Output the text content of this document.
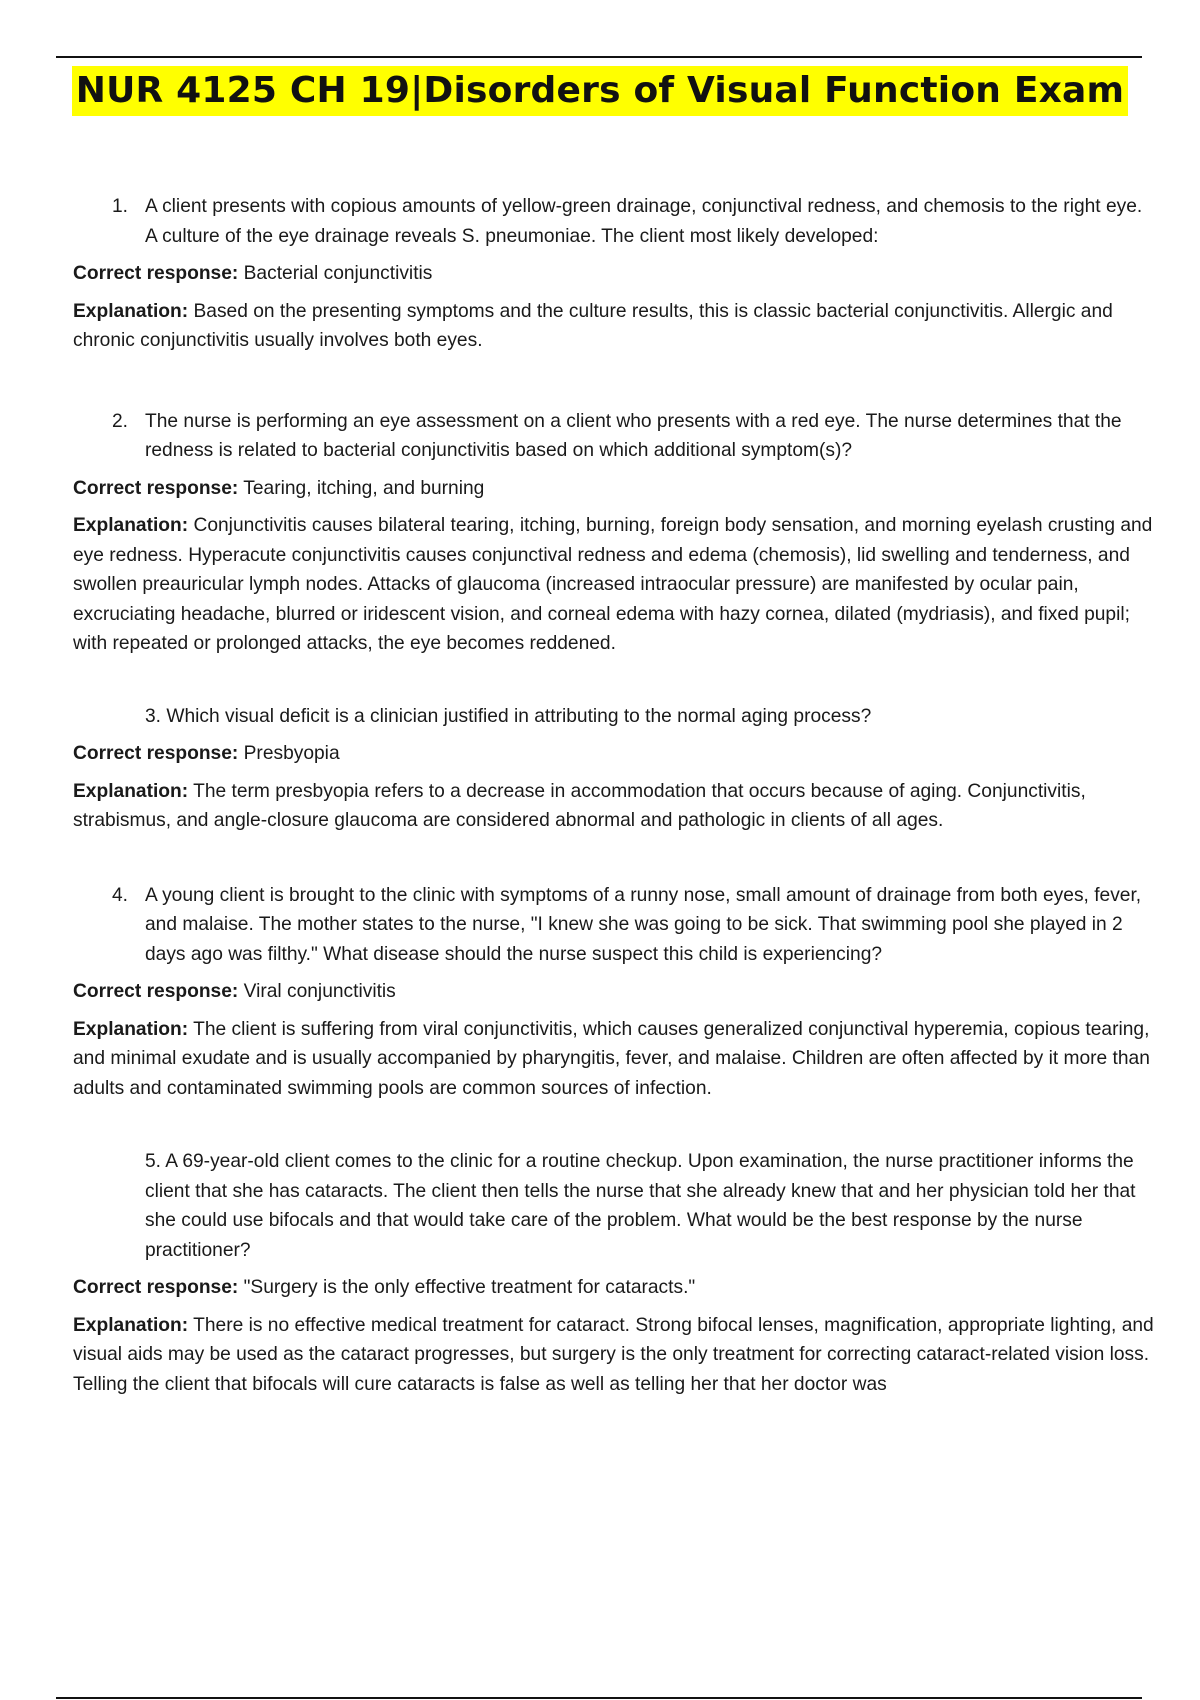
NUR 4125 CH 19|Disorders of Visual Function Exam
1. A client presents with copious amounts of yellow-green drainage, conjunctival redness, and chemosis to the right eye. A culture of the eye drainage reveals S. pneumoniae. The client most likely developed:

Correct response: Bacterial conjunctivitis

Explanation: Based on the presenting symptoms and the culture results, this is classic bacterial conjunctivitis. Allergic and chronic conjunctivitis usually involves both eyes.

2. The nurse is performing an eye assessment on a client who presents with a red eye. The nurse determines that the redness is related to bacterial conjunctivitis based on which additional symptom(s)?

Correct response: Tearing, itching, and burning

Explanation: Conjunctivitis causes bilateral tearing, itching, burning, foreign body sensation, and morning eyelash crusting and eye redness. Hyperacute conjunctivitis causes conjunctival redness and edema (chemosis), lid swelling and tenderness, and swollen preauricular lymph nodes. Attacks of glaucoma (increased intraocular pressure) are manifested by ocular pain, excruciating headache, blurred or iridescent vision, and corneal edema with hazy cornea, dilated (mydriasis), and fixed pupil; with repeated or prolonged attacks, the eye becomes reddened.

3. Which visual deficit is a clinician justified in attributing to the normal aging process?

Correct response: Presbyopia

Explanation: The term presbyopia refers to a decrease in accommodation that occurs because of aging. Conjunctivitis, strabismus, and angle-closure glaucoma are considered abnormal and pathologic in clients of all ages.

4. A young client is brought to the clinic with symptoms of a runny nose, small amount of drainage from both eyes, fever, and malaise. The mother states to the nurse, "I knew she was going to be sick. That swimming pool she played in 2 days ago was filthy." What disease should the nurse suspect this child is experiencing?

Correct response: Viral conjunctivitis

Explanation: The client is suffering from viral conjunctivitis, which causes generalized conjunctival hyperemia, copious tearing, and minimal exudate and is usually accompanied by pharyngitis, fever, and malaise. Children are often affected by it more than adults and contaminated swimming pools are common sources of infection.

5. A 69-year-old client comes to the clinic for a routine checkup. Upon examination, the nurse practitioner informs the client that she has cataracts. The client then tells the nurse that she already knew that and her physician told her that she could use bifocals and that would take care of the problem. What would be the best response by the nurse practitioner?

Correct response: "Surgery is the only effective treatment for cataracts."

Explanation: There is no effective medical treatment for cataract. Strong bifocal lenses, magnification, appropriate lighting, and visual aids may be used as the cataract progresses, but surgery is the only treatment for correcting cataract-related vision loss. Telling the client that bifocals will cure cataracts is false as well as telling her that her doctor was
